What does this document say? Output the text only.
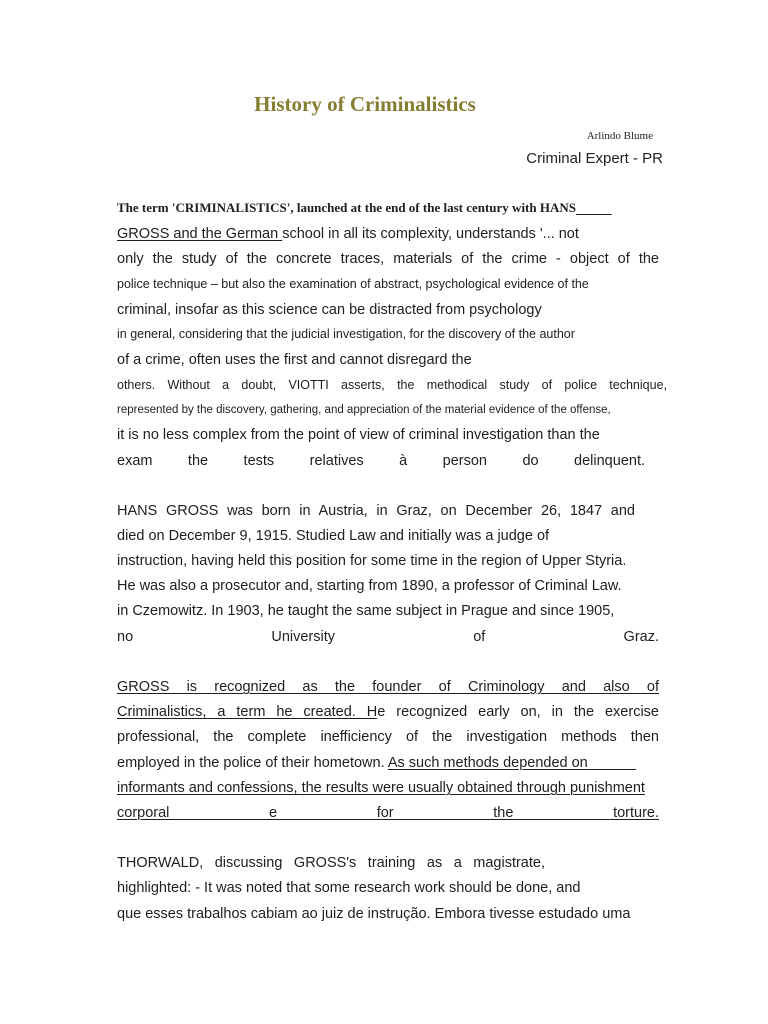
History of Criminalistics
Arlindo Blume
Criminal Expert - PR
The term 'CRIMINALISTICS', launched at the end of the last century with HANS
GROSS and the German school in all its complexity, understands '... not
only the study of the concrete traces, materials of the crime - object of the
police technique – but also the examination of abstract, psychological evidence of the
criminal, insofar as this science can be distracted from psychology
in general, considering that the judicial investigation, for the discovery of the author
of a crime, often uses the first and cannot disregard the
others. Without a doubt, VIOTTI asserts, the methodical study of police technique,
represented by the discovery, gathering, and appreciation of the material evidence of the offense,
it is no less complex from the point of view of criminal investigation than the
exam the tests relatives à person do delinquent.
HANS GROSS was born in Austria, in Graz, on December 26, 1847 and
died on December 9, 1915. Studied Law and initially was a judge of
instruction, having held this position for some time in the region of Upper Styria.
He was also a prosecutor and, starting from 1890, a professor of Criminal Law.
in Czemowitz. In 1903, he taught the same subject in Prague and since 1905,
no University of Graz.
GROSS is recognized as the founder of Criminology and also of
Criminalistics, a term he created. He recognized early on, in the exercise
professional, the complete inefficiency of the investigation methods then
employed in the police of their hometown. As such methods depended on
informants and confessions, the results were usually obtained through punishment
corporal e for the torture.
THORWALD, discussing GROSS's training as a magistrate,
highlighted: - It was noted that some research work should be done, and
que esses trabalhos cabiam ao juiz de instrução. Embora tivesse estudado uma
